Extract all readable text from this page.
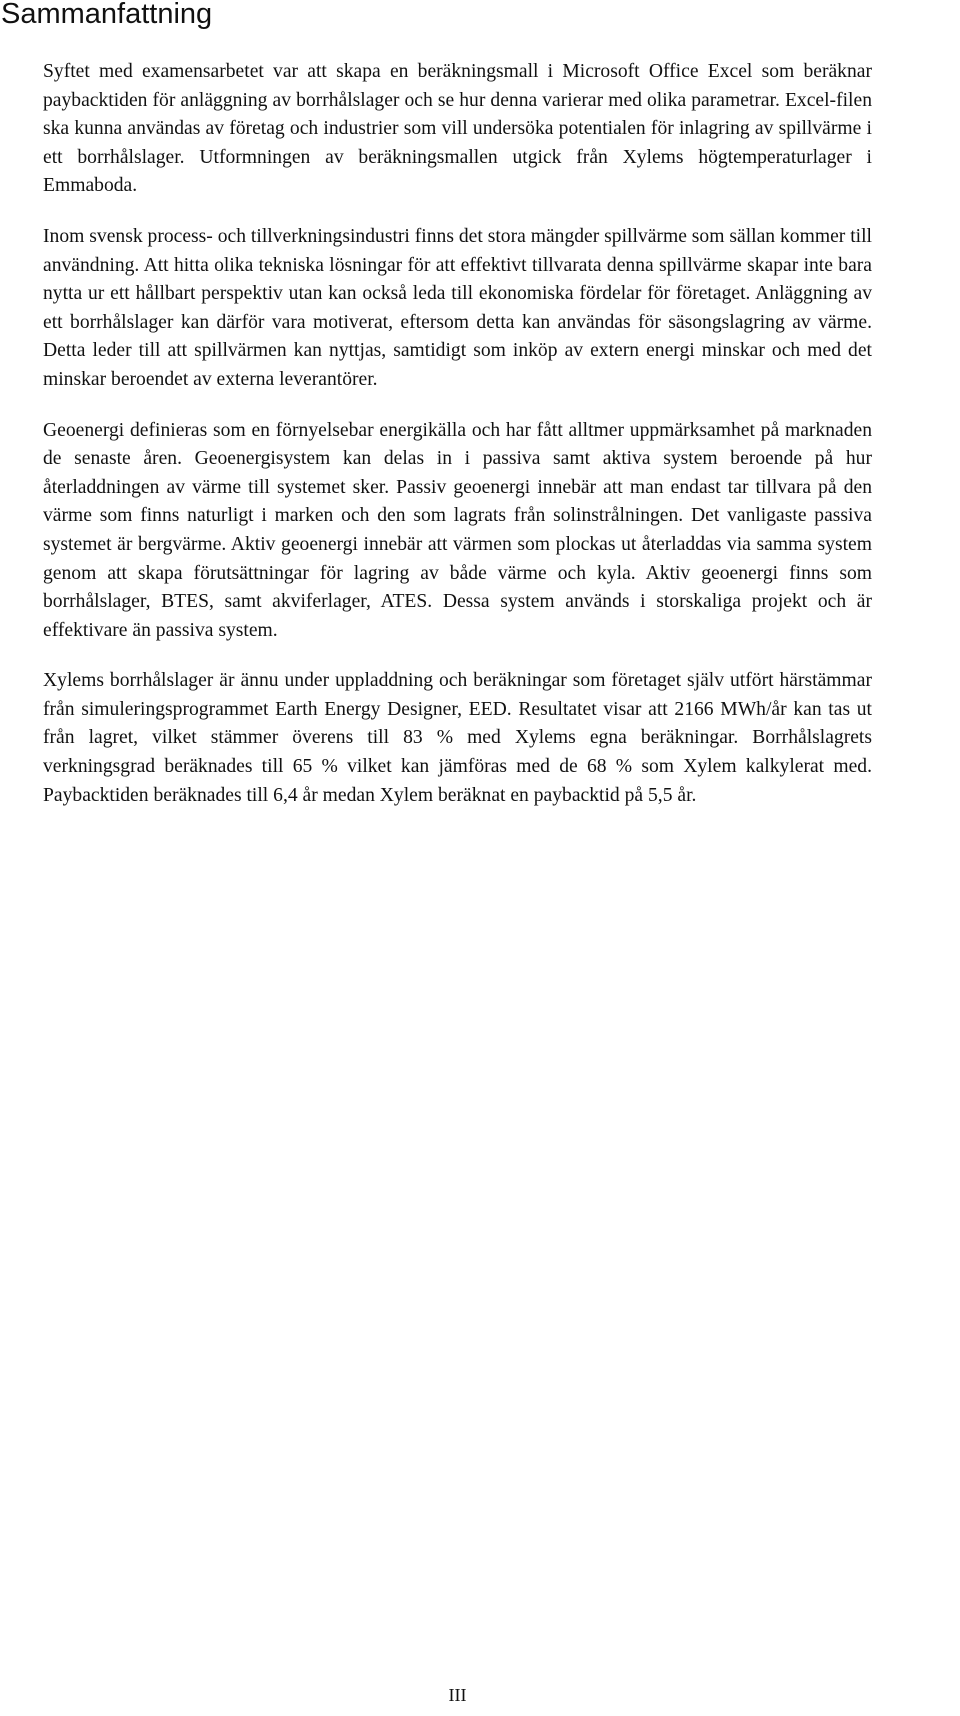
Sammanfattning

Syftet med examensarbetet var att skapa en beräkningsmall i Microsoft Office Excel som beräknar paybacktiden för anläggning av borrhålslager och se hur denna varierar med olika parametrar. Excel-filen ska kunna användas av företag och industrier som vill undersöka potentialen för inlagring av spillvärme i ett borrhålslager. Utformningen av beräkningsmallen utgick från Xylems högtemperaturlager i Emmaboda.

Inom svensk process- och tillverkningsindustri finns det stora mängder spillvärme som sällan kommer till användning. Att hitta olika tekniska lösningar för att effektivt tillvarata denna spillvärme skapar inte bara nytta ur ett hållbart perspektiv utan kan också leda till ekonomiska fördelar för företaget. Anläggning av ett borrhålslager kan därför vara motiverat, eftersom detta kan användas för säsongslagring av värme. Detta leder till att spillvärmen kan nyttjas, samtidigt som inköp av extern energi minskar och med det minskar beroendet av externa leverantörer.

Geoenergi definieras som en förnyelsebar energikälla och har fått alltmer uppmärksamhet på marknaden de senaste åren. Geoenergisystem kan delas in i passiva samt aktiva system beroende på hur återladdningen av värme till systemet sker. Passiv geoenergi innebär att man endast tar tillvara på den värme som finns naturligt i marken och den som lagrats från solinstrålningen. Det vanligaste passiva systemet är bergvärme. Aktiv geoenergi innebär att värmen som plockas ut återladdas via samma system genom att skapa förutsättningar för lagring av både värme och kyla. Aktiv geoenergi finns som borrhålslager, BTES, samt akviferlager, ATES. Dessa system används i storskaliga projekt och är effektivare än passiva system.

Xylems borrhålslager är ännu under uppladdning och beräkningar som företaget själv utfört härstämmar från simuleringsprogrammet Earth Energy Designer, EED. Resultatet visar att 2166 MWh/år kan tas ut från lagret, vilket stämmer överens till 83 % med Xylems egna beräkningar. Borrhålslagrets verkningsgrad beräknades till 65 % vilket kan jämföras med de 68 % som Xylem kalkylerat med. Paybacktiden beräknades till 6,4 år medan Xylem beräknat en paybacktid på 5,5 år.

III
